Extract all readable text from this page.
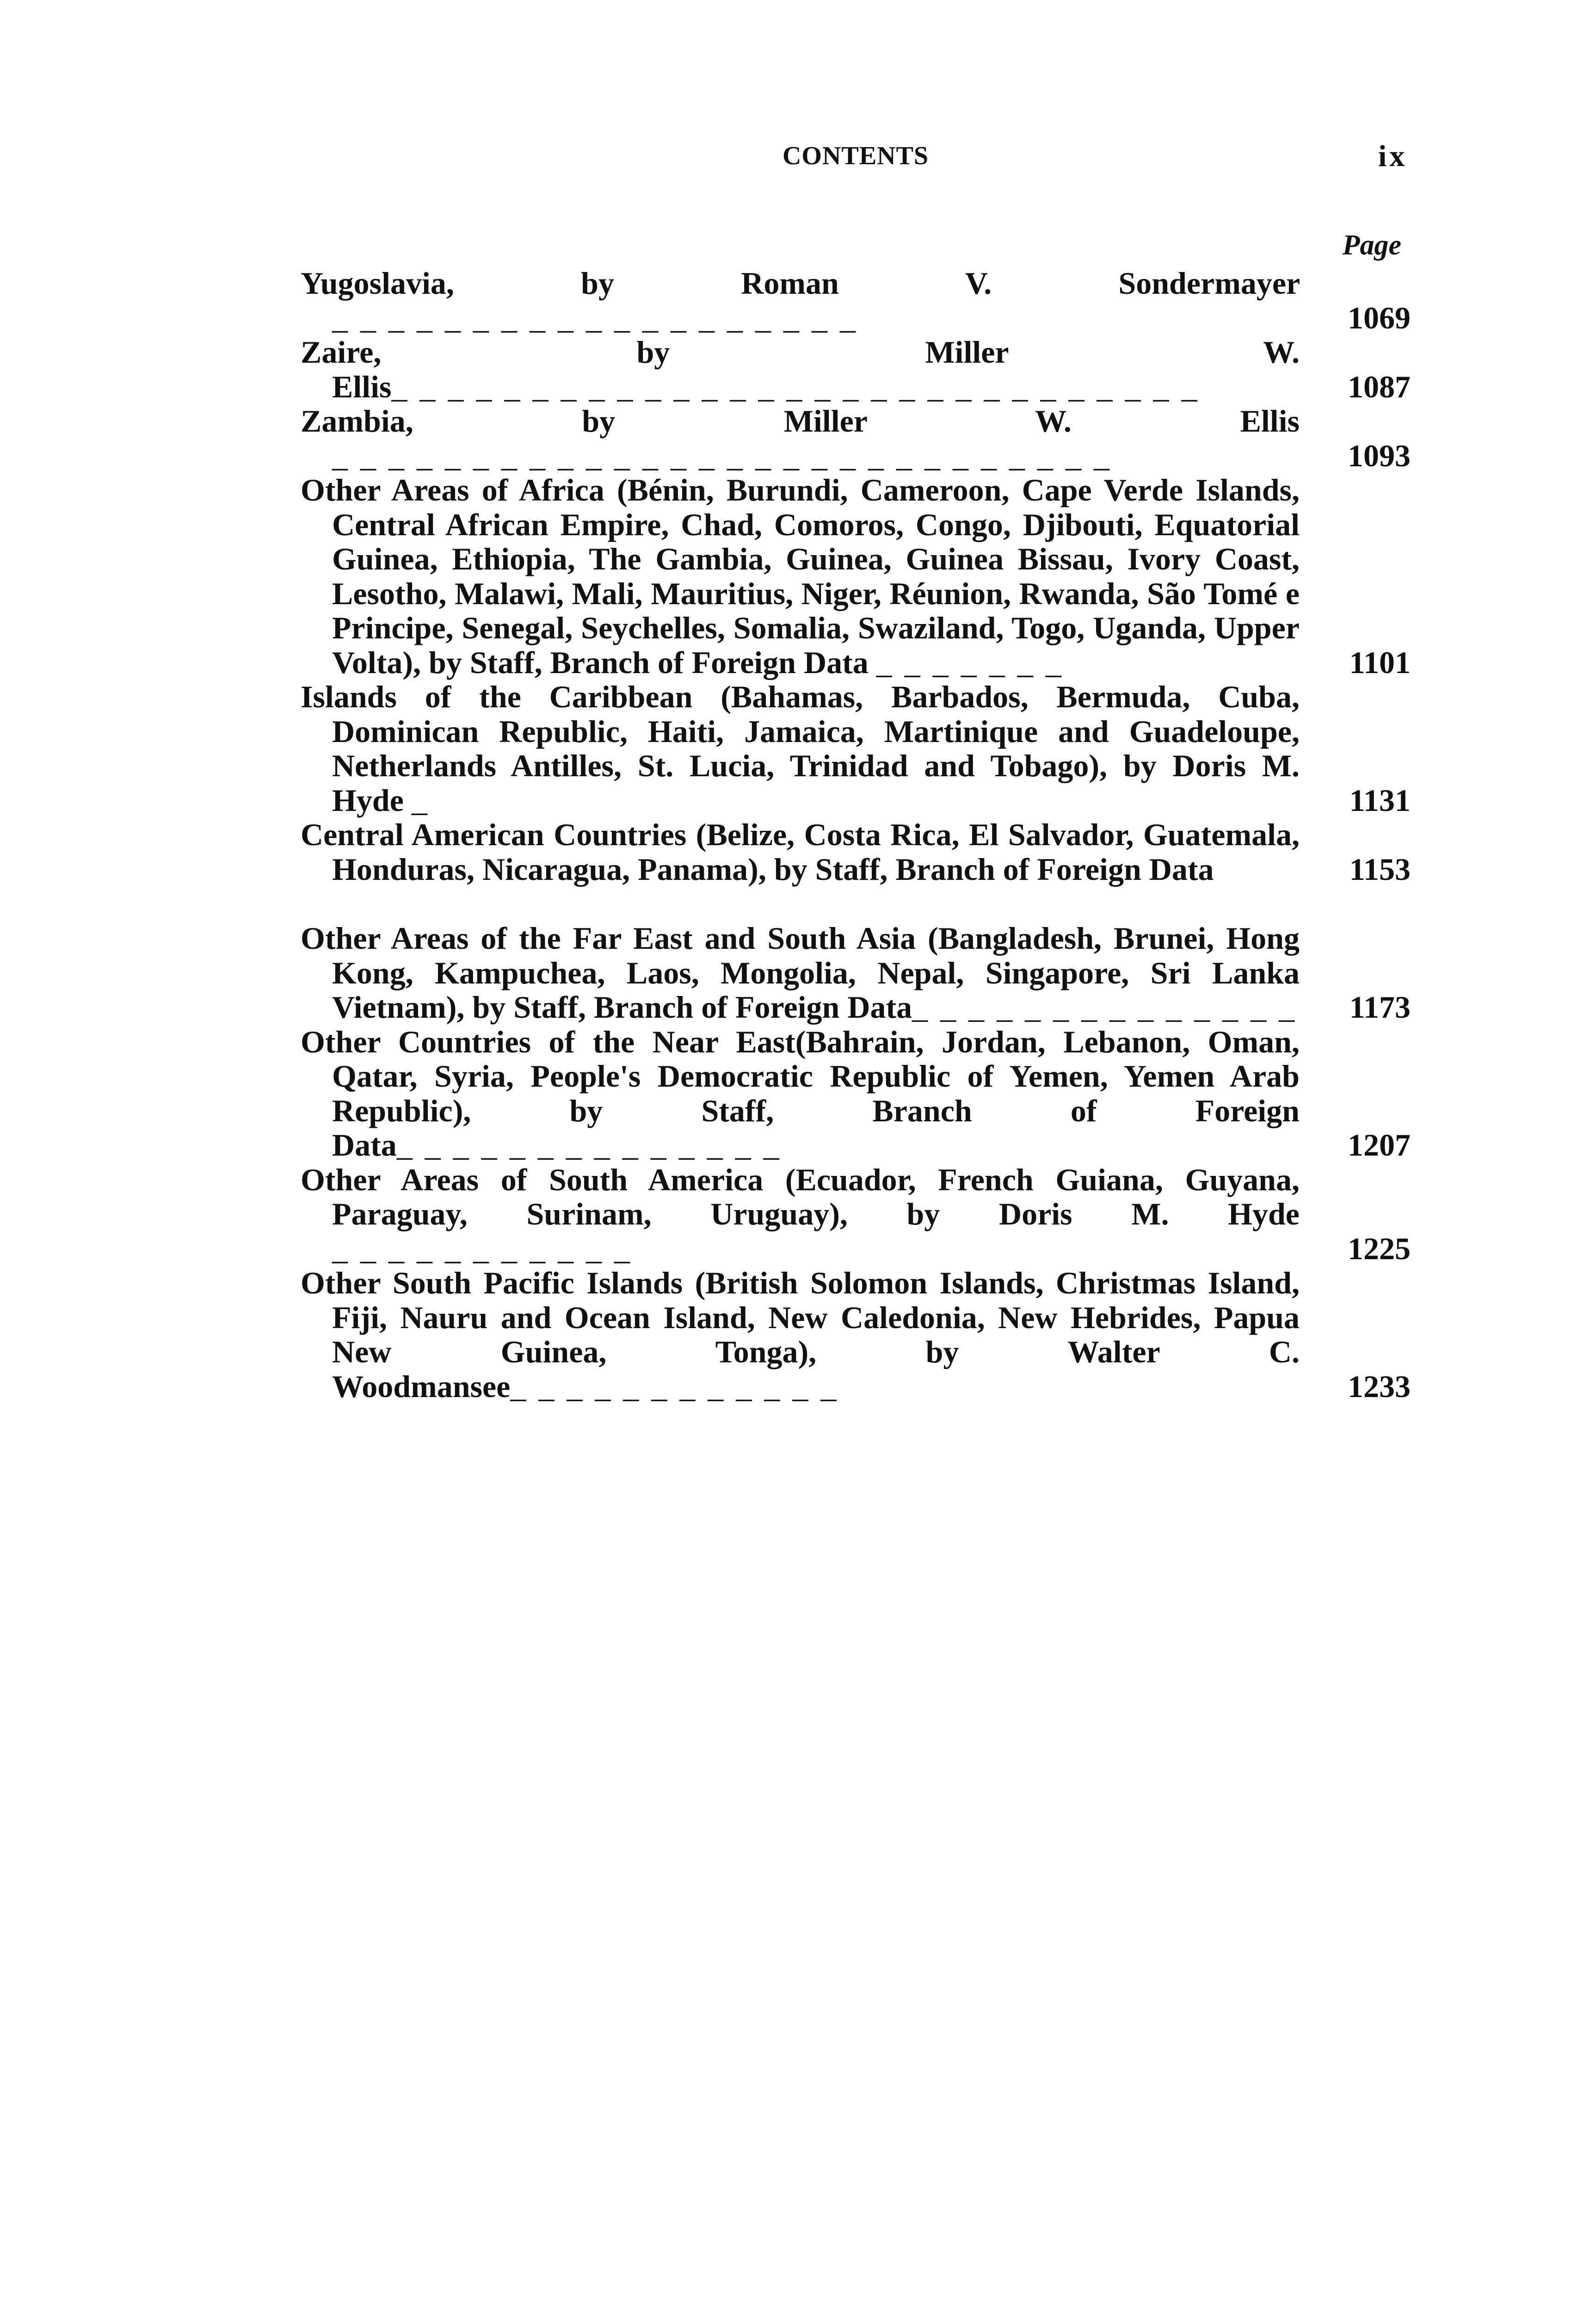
CONTENTS	ix
Page
Yugoslavia, by Roman V. Sondermayer _ _ _ _ _ _ _ _ _ _ _ _ _ _ _ _ _ _ _	1069
Zaire, by Miller W. Ellis_ _ _ _ _ _ _ _ _ _ _ _ _ _ _ _ _ _ _ _ _ _ _ _ _ _ _ _ _	1087
Zambia, by Miller W. Ellis _ _ _ _ _ _ _ _ _ _ _ _ _ _ _ _ _ _ _ _ _ _ _ _ _ _ _ _	1093
Other Areas of Africa (Bénin, Burundi, Cameroon, Cape Verde Islands, Central African Empire, Chad, Comoros, Congo, Djibouti, Equatorial Guinea, Ethiopia, The Gambia, Guinea, Guinea Bissau, Ivory Coast, Lesotho, Malawi, Mali, Mauritius, Niger, Réunion, Rwanda, São Tomé e Principe, Senegal, Seychelles, Somalia, Swaziland, Togo, Uganda, Upper Volta), by Staff, Branch of Foreign Data _ _ _ _ _ _ _	1101
Islands of the Caribbean (Bahamas, Barbados, Bermuda, Cuba, Dominican Republic, Haiti, Jamaica, Martinique and Guadeloupe, Netherlands Antilles, St. Lucia, Trinidad and Tobago), by Doris M. Hyde _	1131
Central American Countries (Belize, Costa Rica, El Salvador, Guatemala, Honduras, Nicaragua, Panama), by Staff, Branch of Foreign Data	1153
Other Areas of the Far East and South Asia (Bangladesh, Brunei, Hong Kong, Kampuchea, Laos, Mongolia, Nepal, Singapore, Sri Lanka Vietnam), by Staff, Branch of Foreign Data_ _ _ _ _ _ _ _ _ _ _ _ _ _	1173
Other Countries of the Near East(Bahrain, Jordan, Lebanon, Oman, Qatar, Syria, People's Democratic Republic of Yemen, Yemen Arab Republic), by Staff, Branch of Foreign Data_ _ _ _ _ _ _ _ _ _ _ _ _ _	1207
Other Areas of South America (Ecuador, French Guiana, Guyana, Paraguay, Surinam, Uruguay), by Doris M. Hyde _ _ _ _ _ _ _ _ _ _ _	1225
Other South Pacific Islands (British Solomon Islands, Christmas Island, Fiji, Nauru and Ocean Island, New Caledonia, New Hebrides, Papua New Guinea, Tonga), by Walter C. Woodmansee_ _ _ _ _ _ _ _ _ _ _ _	1233
